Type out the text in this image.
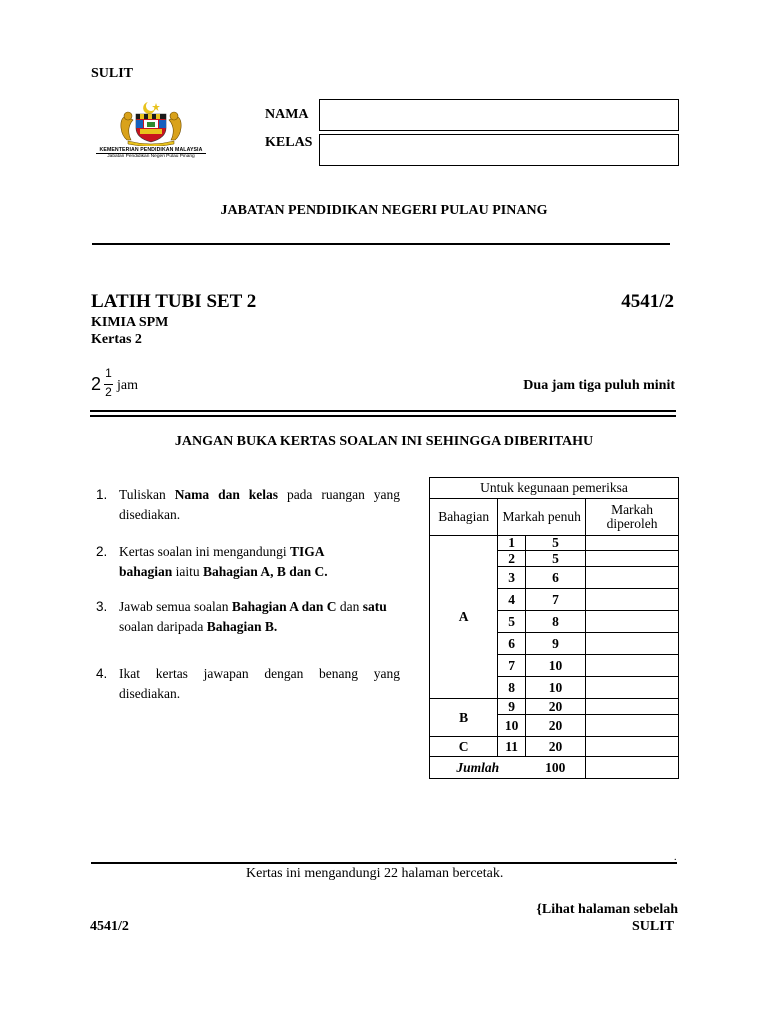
SULIT
KEMENTERIAN PENDIDIKAN MALAYSIA
Jabatan Pendidikan Negeri Pulau Pinang
NAMA
KELAS
JABATAN PENDIDIKAN NEGERI PULAU PINANG
LATIH TUBI SET 2	4541/2
KIMIA SPM
Kertas 2
2
1
2 jam	Dua jam tiga puluh minit
JANGAN BUKA KERTAS SOALAN INI SEHINGGA DIBERITAHU
1. Tuliskan Nama dan kelas pada ruangan yang
disediakan.
2. Kertas soalan ini mengandungi TIGA
bahagian iaitu Bahagian A, B dan C.
3. Jawab semua soalan Bahagian A dan C dan satu
soalan daripada Bahagian B.
4. Ikat kertas jawapan dengan benang yang
disediakan.
Untuk kegunaan pemeriksa			
Bahagian	Markah penuh		Markah
diperoleh

A	1	5	
	2	5	
	3	6	
	4	7	
	5	8	
	6	9	
	7	10	
	8	10	
B	9	20	
	10	20	
C	11	20	
Jumlah		100	
.
Kertas ini mengandungi 22 halaman bercetak.
{Lihat halaman sebelah
4541/2	SULIT
